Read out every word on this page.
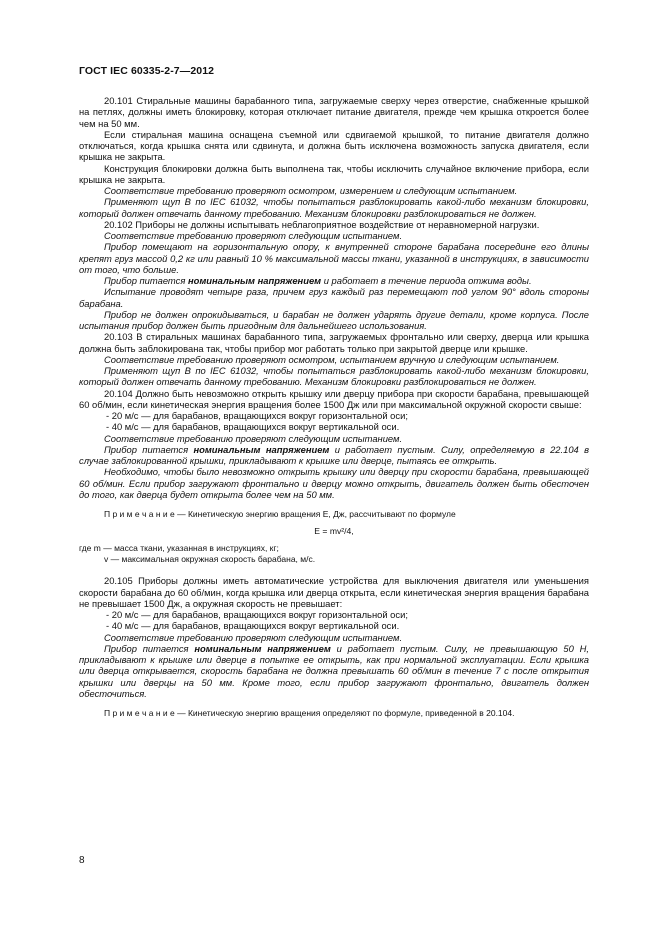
ГОСТ IEC 60335-2-7—2012

20.101 Стиральные машины барабанного типа, загружаемые сверху через отверстие, снабженные крышкой на петлях, должны иметь блокировку, которая отключает питание двигателя, прежде чем крышка откроется более чем на 50 мм.

Если стиральная машина оснащена съемной или сдвигаемой крышкой, то питание двигателя должно отключаться, когда крышка снята или сдвинута, и должна быть исключена возможность запуска двигателя, если крышка не закрыта.

Конструкция блокировки должна быть выполнена так, чтобы исключить случайное включение прибора, если крышка не закрыта.

Соответствие требованию проверяют осмотром, измерением и следующим испытанием.

Применяют щуп B по IEC 61032, чтобы попытаться разблокировать какой-либо механизм блокировки, который должен отвечать данному требованию. Механизм блокировки разблокироваться не должен.

20.102 Приборы не должны испытывать неблагоприятное воздействие от неравномерной нагрузки.

Соответствие требованию проверяют следующим испытанием.

Прибор помещают на горизонтальную опору, к внутренней стороне барабана посередине его длины крепят груз массой 0,2 кг или равный 10 % максимальной массы ткани, указанной в инструкциях, в зависимости от того, что больше.

Прибор питается номинальным напряжением и работает в течение периода отжима воды.

Испытание проводят четыре раза, причем груз каждый раз перемещают под углом 90° вдоль стороны барабана.

Прибор не должен опрокидываться, и барабан не должен ударять другие детали, кроме корпуса. После испытания прибор должен быть пригодным для дальнейшего использования.

20.103 В стиральных машинах барабанного типа, загружаемых фронтально или сверху, дверца или крышка должна быть заблокирована так, чтобы прибор мог работать только при закрытой дверце или крышке.

Соответствие требованию проверяют осмотром, испытанием вручную и следующим испытанием.

Применяют щуп B по IEC 61032, чтобы попытаться разблокировать какой-либо механизм блокировки, который должен отвечать данному требованию. Механизм блокировки разблокироваться не должен.

20.104 Должно быть невозможно открыть крышку или дверцу прибора при скорости барабана, превышающей 60 об/мин, если кинетическая энергия вращения более 1500 Дж или при максимальной окружной скорости свыше:

- 20 м/с — для барабанов, вращающихся вокруг горизонтальной оси;

- 40 м/с — для барабанов, вращающихся вокруг вертикальной оси.

Соответствие требованию проверяют следующим испытанием.

Прибор питается номинальным напряжением и работает пустым. Силу, определяемую в 22.104 в случае заблокированной крышки, прикладывают к крышке или дверце, пытаясь ее открыть.

Необходимо, чтобы было невозможно открыть крышку или дверцу при скорости барабана, превышающей 60 об/мин. Если прибор загружают фронтально и дверцу можно открыть, двигатель должен быть обесточен до того, как дверца будет открыта более чем на 50 мм.

П р и м е ч а н и е — Кинетическую энергию вращения E, Дж, рассчитывают по формуле

E = mv²/4,

где m — масса ткани, указанная в инструкциях, кг;

v — максимальная окружная скорость барабана, м/с.

20.105 Приборы должны иметь автоматические устройства для выключения двигателя или уменьшения скорости барабана до 60 об/мин, когда крышка или дверца открыта, если кинетическая энергия вращения барабана не превышает 1500 Дж, а окружная скорость не превышает:

- 20 м/с — для барабанов, вращающихся вокруг горизонтальной оси;

- 40 м/с — для барабанов, вращающихся вокруг вертикальной оси.

Соответствие требованию проверяют следующим испытанием.

Прибор питается номинальным напряжением и работает пустым. Силу, не превышающую 50 Н, прикладывают к крышке или дверце в попытке ее открыть, как при нормальной эксплуатации. Если крышка или дверца открывается, скорость барабана не должна превышать 60 об/мин в течение 7 с после открытия крышки или дверцы на 50 мм. Кроме того, если прибор загружают фронтально, двигатель должен обесточиться.

П р и м е ч а н и е — Кинетическую энергию вращения определяют по формуле, приведенной в 20.104.

8
